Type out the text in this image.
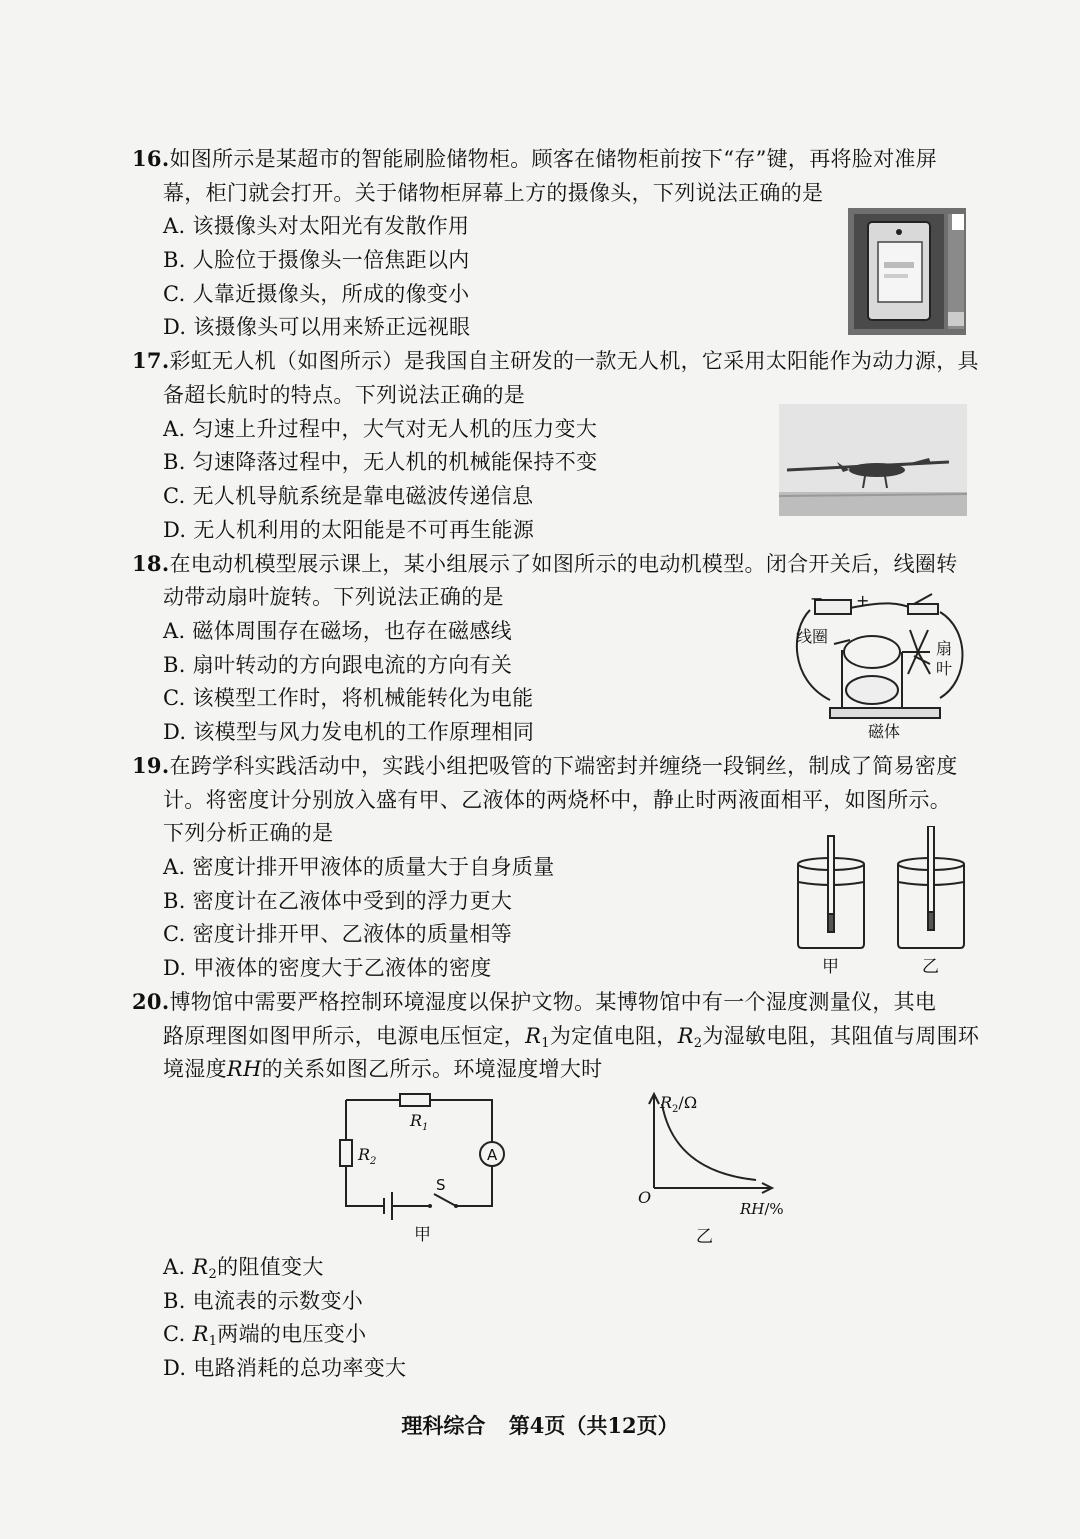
16.如图所示是某超市的智能刷脸储物柜。顾客在储物柜前按下“存”键，再将脸对准屏
幕，柜门就会打开。关于储物柜屏幕上方的摄像头，下列说法正确的是
A. 该摄像头对太阳光有发散作用
B. 人脸位于摄像头一倍焦距以内
C. 人靠近摄像头，所成的像变小
D. 该摄像头可以用来矫正远视眼
17.彩虹无人机（如图所示）是我国自主研发的一款无人机，它采用太阳能作为动力源，具
备超长航时的特点。下列说法正确的是
A. 匀速上升过程中，大气对无人机的压力变大
B. 匀速降落过程中，无人机的机械能保持不变
C. 无人机导航系统是靠电磁波传递信息
D. 无人机利用的太阳能是不可再生能源
18.在电动机模型展示课上，某小组展示了如图所示的电动机模型。闭合开关后，线圈转
动带动扇叶旋转。下列说法正确的是
A. 磁体周围存在磁场，也存在磁感线
B. 扇叶转动的方向跟电流的方向有关
C. 该模型工作时，将机械能转化为电能
D. 该模型与风力发电机的工作原理相同
− +
线圈
扇
叶
磁体
19.在跨学科实践活动中，实践小组把吸管的下端密封并缠绕一段铜丝，制成了简易密度
计。将密度计分别放入盛有甲、乙液体的两烧杯中，静止时两液面相平，如图所示。
下列分析正确的是
A. 密度计排开甲液体的质量大于自身质量
B. 密度计在乙液体中受到的浮力更大
C. 密度计排开甲、乙液体的质量相等
D. 甲液体的密度大于乙液体的密度	甲	乙
20.博物馆中需要严格控制环境湿度以保护文物。某博物馆中有一个湿度测量仪，其电
路原理图如图甲所示，电源电压恒定，$R_1$为定值电阻，$R_2$为湿敏电阻，其阻值与周围环
境湿度RH的关系如图乙所示。环境湿度增大时
$R_1$
$R_2$	A
S
甲
$R_2/\Omega$
O
RH/%
乙
A. $R_2$的阻值变大
B. 电流表的示数变小
C. $R_1$两端的电压变小
D. 电路消耗的总功率变大
理科综合 第4页（共12页）
